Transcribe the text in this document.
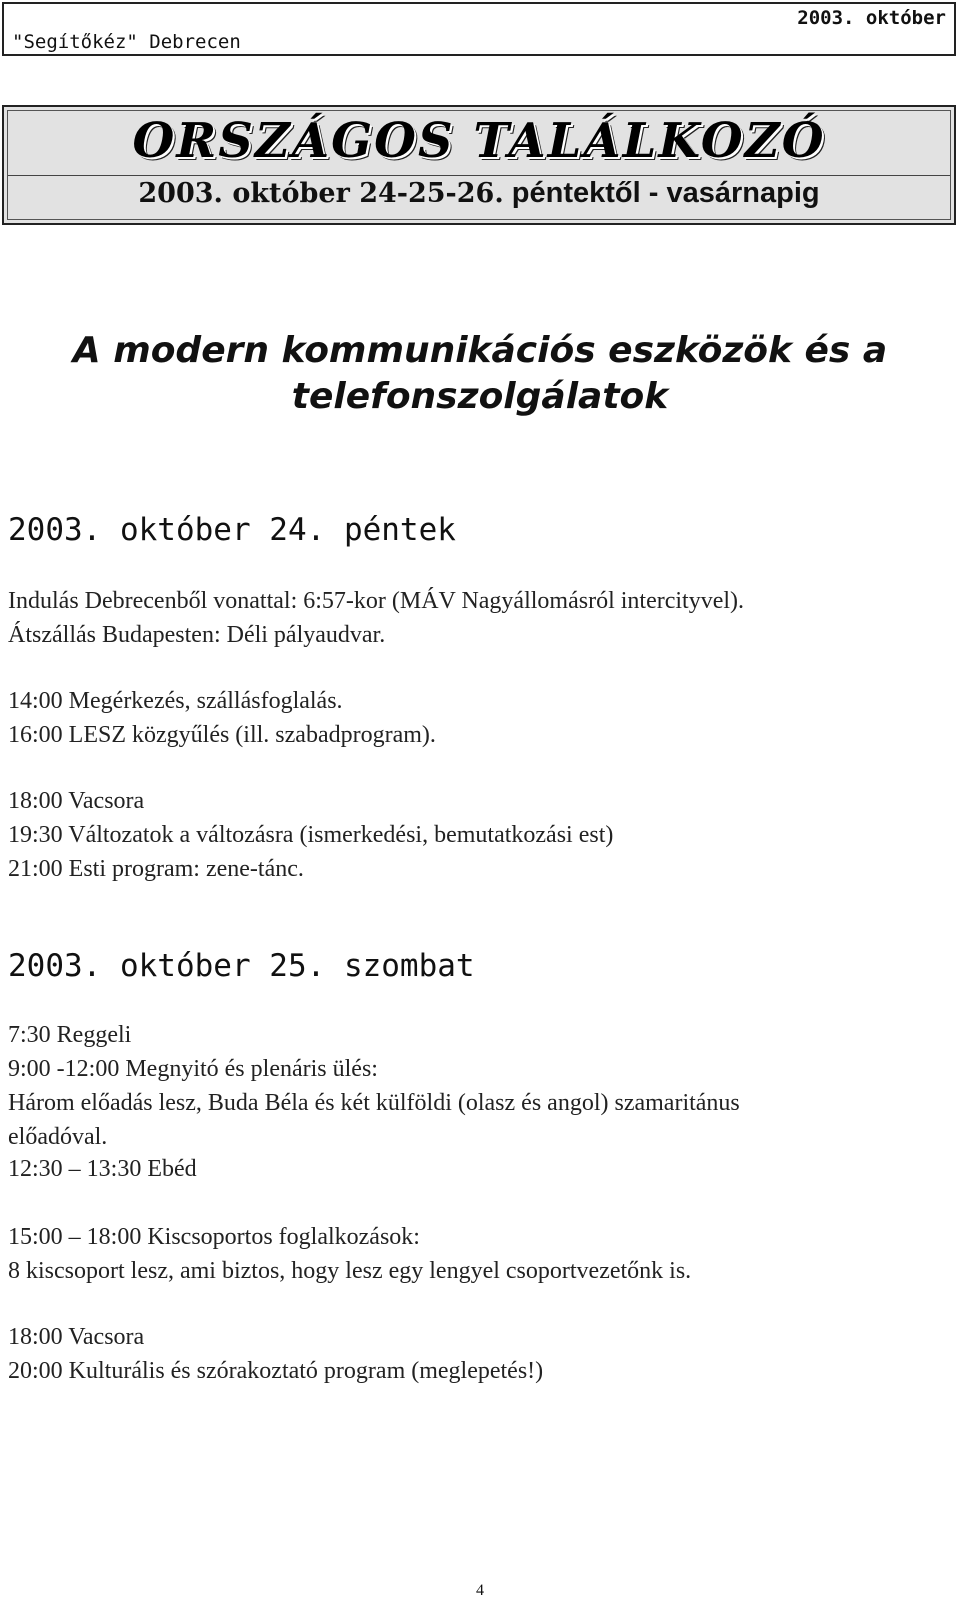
"Segítőkéz" Debrecen
2003. október
ORSZÁGOS TALÁLKOZÓ
2003. október 24-25-26. péntektől - vasárnapig
A modern kommunikációs eszközök és a
telefonszolgálatok
2003. október 24. péntek
Indulás Debrecenből vonattal: 6:57-kor (MÁV Nagyállomásról intercityvel).
Átszállás Budapesten: Déli pályaudvar.
14:00 Megérkezés, szállásfoglalás.
16:00 LESZ közgyűlés (ill. szabadprogram).
18:00 Vacsora
19:30 Változatok a változásra (ismerkedési, bemutatkozási est)
21:00 Esti program: zene-tánc.
2003. október 25. szombat
7:30 Reggeli
9:00 -12:00 Megnyitó és plenáris ülés:
Három előadás lesz, Buda Béla és két külföldi (olasz és angol) szamaritánus
előadóval.
12:30 – 13:30 Ebéd
15:00 – 18:00 Kiscsoportos foglalkozások:
8 kiscsoport lesz, ami biztos, hogy lesz egy lengyel csoportvezetőnk is.
18:00 Vacsora
20:00 Kulturális és szórakoztató program (meglepetés!)
4
